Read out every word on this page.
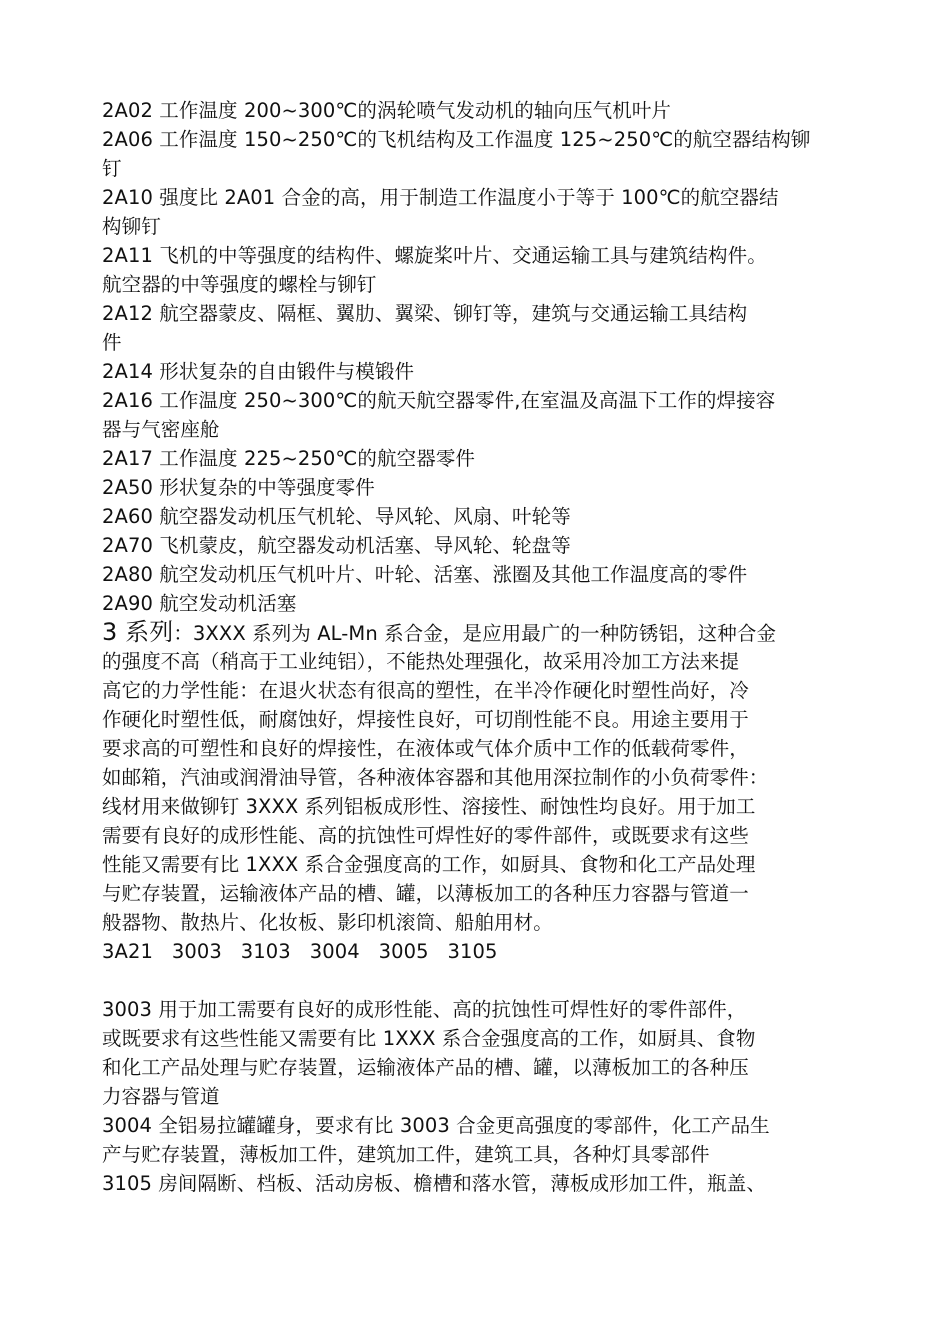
2A02 工作温度 200~300℃的涡轮喷气发动机的轴向压气机叶片
2A06 工作温度 150~250℃的飞机结构及工作温度 125~250℃的航空器结构铆
钉
2A10 强度比 2A01 合金的高，用于制造工作温度小于等于 100℃的航空器结
构铆钉
2A11 飞机的中等强度的结构件、螺旋桨叶片、交通运输工具与建筑结构件。
航空器的中等强度的螺栓与铆钉
2A12 航空器蒙皮、隔框、翼肋、翼梁、铆钉等，建筑与交通运输工具结构
件
2A14 形状复杂的自由锻件与模锻件
2A16 工作温度 250~300℃的航天航空器零件,在室温及高温下工作的焊接容
器与气密座舱
2A17 工作温度 225~250℃的航空器零件
2A50 形状复杂的中等强度零件
2A60 航空器发动机压气机轮、导风轮、风扇、叶轮等
2A70 飞机蒙皮，航空器发动机活塞、导风轮、轮盘等
2A80 航空发动机压气机叶片、叶轮、活塞、涨圈及其他工作温度高的零件
2A90 航空发动机活塞
3 系列：3XXX 系列为 AL-Mn 系合金，是应用最广的一种防锈铝，这种合金
的强度不高（稍高于工业纯铝），不能热处理强化，故采用冷加工方法来提
高它的力学性能：在退火状态有很高的塑性，在半冷作硬化时塑性尚好，冷
作硬化时塑性低，耐腐蚀好，焊接性良好，可切削性能不良。用途主要用于
要求高的可塑性和良好的焊接性，在液体或气体介质中工作的低载荷零件，
如邮箱，汽油或润滑油导管，各种液体容器和其他用深拉制作的小负荷零件：
线材用来做铆钉 3XXX 系列铝板成形性、溶接性、耐蚀性均良好。用于加工
需要有良好的成形性能、高的抗蚀性可焊性好的零件部件，或既要求有这些
性能又需要有比 1XXX 系合金强度高的工作，如厨具、食物和化工产品处理
与贮存装置，运输液体产品的槽、罐，以薄板加工的各种压力容器与管道一
般器物、散热片、化妆板、影印机滚筒、船舶用材。
3A21   3003   3103   3004   3005   3105
3003 用于加工需要有良好的成形性能、高的抗蚀性可焊性好的零件部件，
或既要求有这些性能又需要有比 1XXX 系合金强度高的工作，如厨具、食物
和化工产品处理与贮存装置，运输液体产品的槽、罐，以薄板加工的各种压
力容器与管道
3004 全铝易拉罐罐身，要求有比 3003 合金更高强度的零部件，化工产品生
产与贮存装置，薄板加工件，建筑加工件，建筑工具，各种灯具零部件
3105 房间隔断、档板、活动房板、檐槽和落水管，薄板成形加工件，瓶盖、
